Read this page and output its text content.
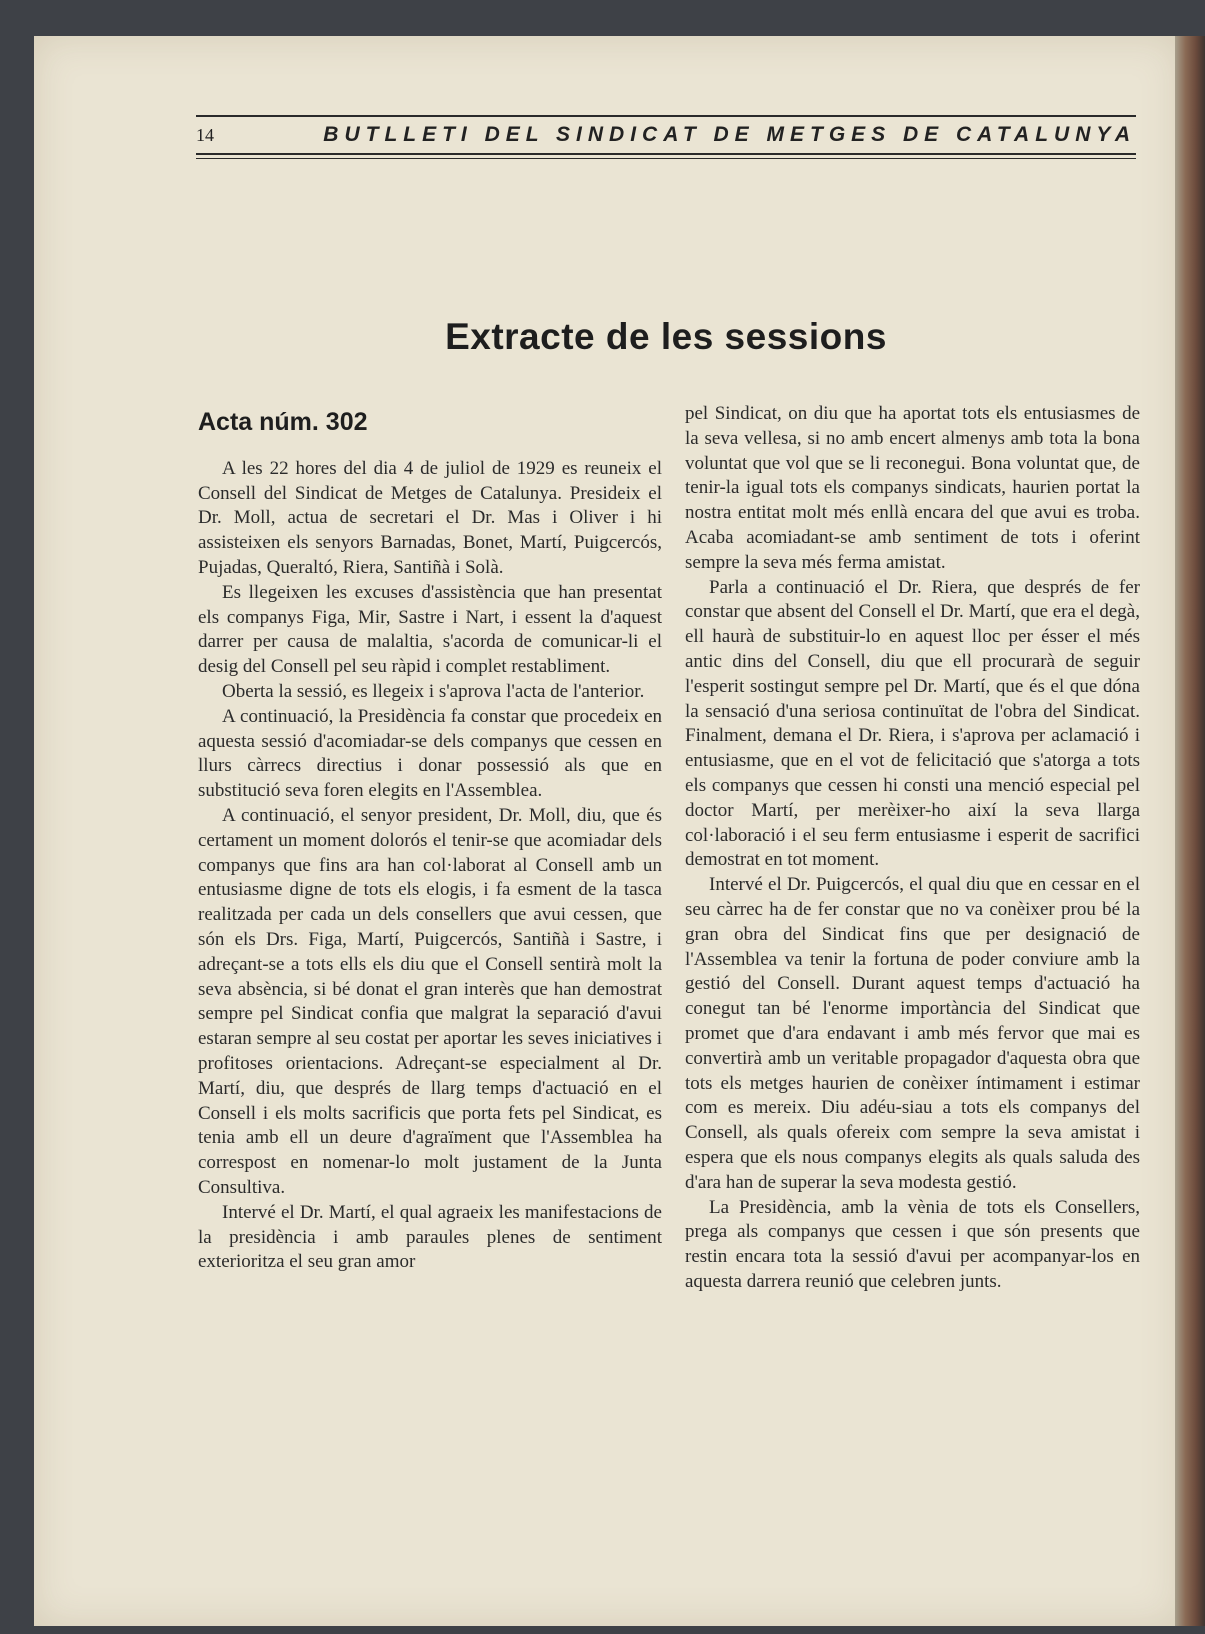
14	BUTLLETI DEL SINDICAT DE METGES DE CATALUNYA
Extracte de les sessions
Acta núm. 302

A les 22 hores del dia 4 de juliol de 1929 es reuneix el Consell del Sindicat de Metges de Catalunya. Presideix el Dr. Moll, actua de secretari el Dr. Mas i Oliver i hi assisteixen els senyors Barnadas, Bonet, Martí, Puigcercós, Pujadas, Queraltó, Riera, Santiñà i Solà.

Es llegeixen les excuses d'assistència que han presentat els companys Figa, Mir, Sastre i Nart, i essent la d'aquest darrer per causa de malaltia, s'acorda de comunicar-li el desig del Consell pel seu ràpid i complet restabliment.

Oberta la sessió, es llegeix i s'aprova l'acta de l'anterior.

A continuació, la Presidència fa constar que procedeix en aquesta sessió d'acomiadar-se dels companys que cessen en llurs càrrecs directius i donar possessió als que en substitució seva foren elegits en l'Assemblea.

A continuació, el senyor president, Dr. Moll, diu, que és certament un moment dolorós el tenir-se que acomiadar dels companys que fins ara han col·laborat al Consell amb un entusiasme digne de tots els elogis, i fa esment de la tasca realitzada per cada un dels consellers que avui cessen, que són els Drs. Figa, Martí, Puigcercós, Santiñà i Sastre, i adreçant-se a tots ells els diu que el Consell sentirà molt la seva absència, si bé donat el gran interès que han demostrat sempre pel Sindicat confia que malgrat la separació d'avui estaran sempre al seu costat per aportar les seves iniciatives i profitoses orientacions. Adreçant-se especialment al Dr. Martí, diu, que després de llarg temps d'actuació en el Consell i els molts sacrificis que porta fets pel Sindicat, es tenia amb ell un deure d'agraïment que l'Assemblea ha correspost en nomenar-lo molt justament de la Junta Consultiva.

Intervé el Dr. Martí, el qual agraeix les manifestacions de la presidència i amb paraules plenes de sentiment exterioritza el seu gran amor

pel Sindicat, on diu que ha aportat tots els entusiasmes de la seva vellesa, si no amb encert almenys amb tota la bona voluntat que vol que se li reconegui. Bona voluntat que, de tenir-la igual tots els companys sindicats, haurien portat la nostra entitat molt més enllà encara del que avui es troba. Acaba acomiadant-se amb sentiment de tots i oferint sempre la seva més ferma amistat.

Parla a continuació el Dr. Riera, que després de fer constar que absent del Consell el Dr. Martí, que era el degà, ell haurà de substituir-lo en aquest lloc per ésser el més antic dins del Consell, diu que ell procurarà de seguir l'esperit sostingut sempre pel Dr. Martí, que és el que dóna la sensació d'una seriosa continuïtat de l'obra del Sindicat. Finalment, demana el Dr. Riera, i s'aprova per aclamació i entusiasme, que en el vot de felicitació que s'atorga a tots els companys que cessen hi consti una menció especial pel doctor Martí, per merèixer-ho així la seva llarga col·laboració i el seu ferm entusiasme i esperit de sacrifici demostrat en tot moment.

Intervé el Dr. Puigcercós, el qual diu que en cessar en el seu càrrec ha de fer constar que no va conèixer prou bé la gran obra del Sindicat fins que per designació de l'Assemblea va tenir la fortuna de poder conviure amb la gestió del Consell. Durant aquest temps d'actuació ha conegut tan bé l'enorme importància del Sindicat que promet que d'ara endavant i amb més fervor que mai es convertirà amb un veritable propagador d'aquesta obra que tots els metges haurien de conèixer íntimament i estimar com es mereix. Diu adéu-siau a tots els companys del Consell, als quals ofereix com sempre la seva amistat i espera que els nous companys elegits als quals saluda des d'ara han de superar la seva modesta gestió.

La Presidència, amb la vènia de tots els Consellers, prega als companys que cessen i que són presents que restin encara tota la sessió d'avui per acompanyar-los en aquesta darrera reunió que celebren junts.
